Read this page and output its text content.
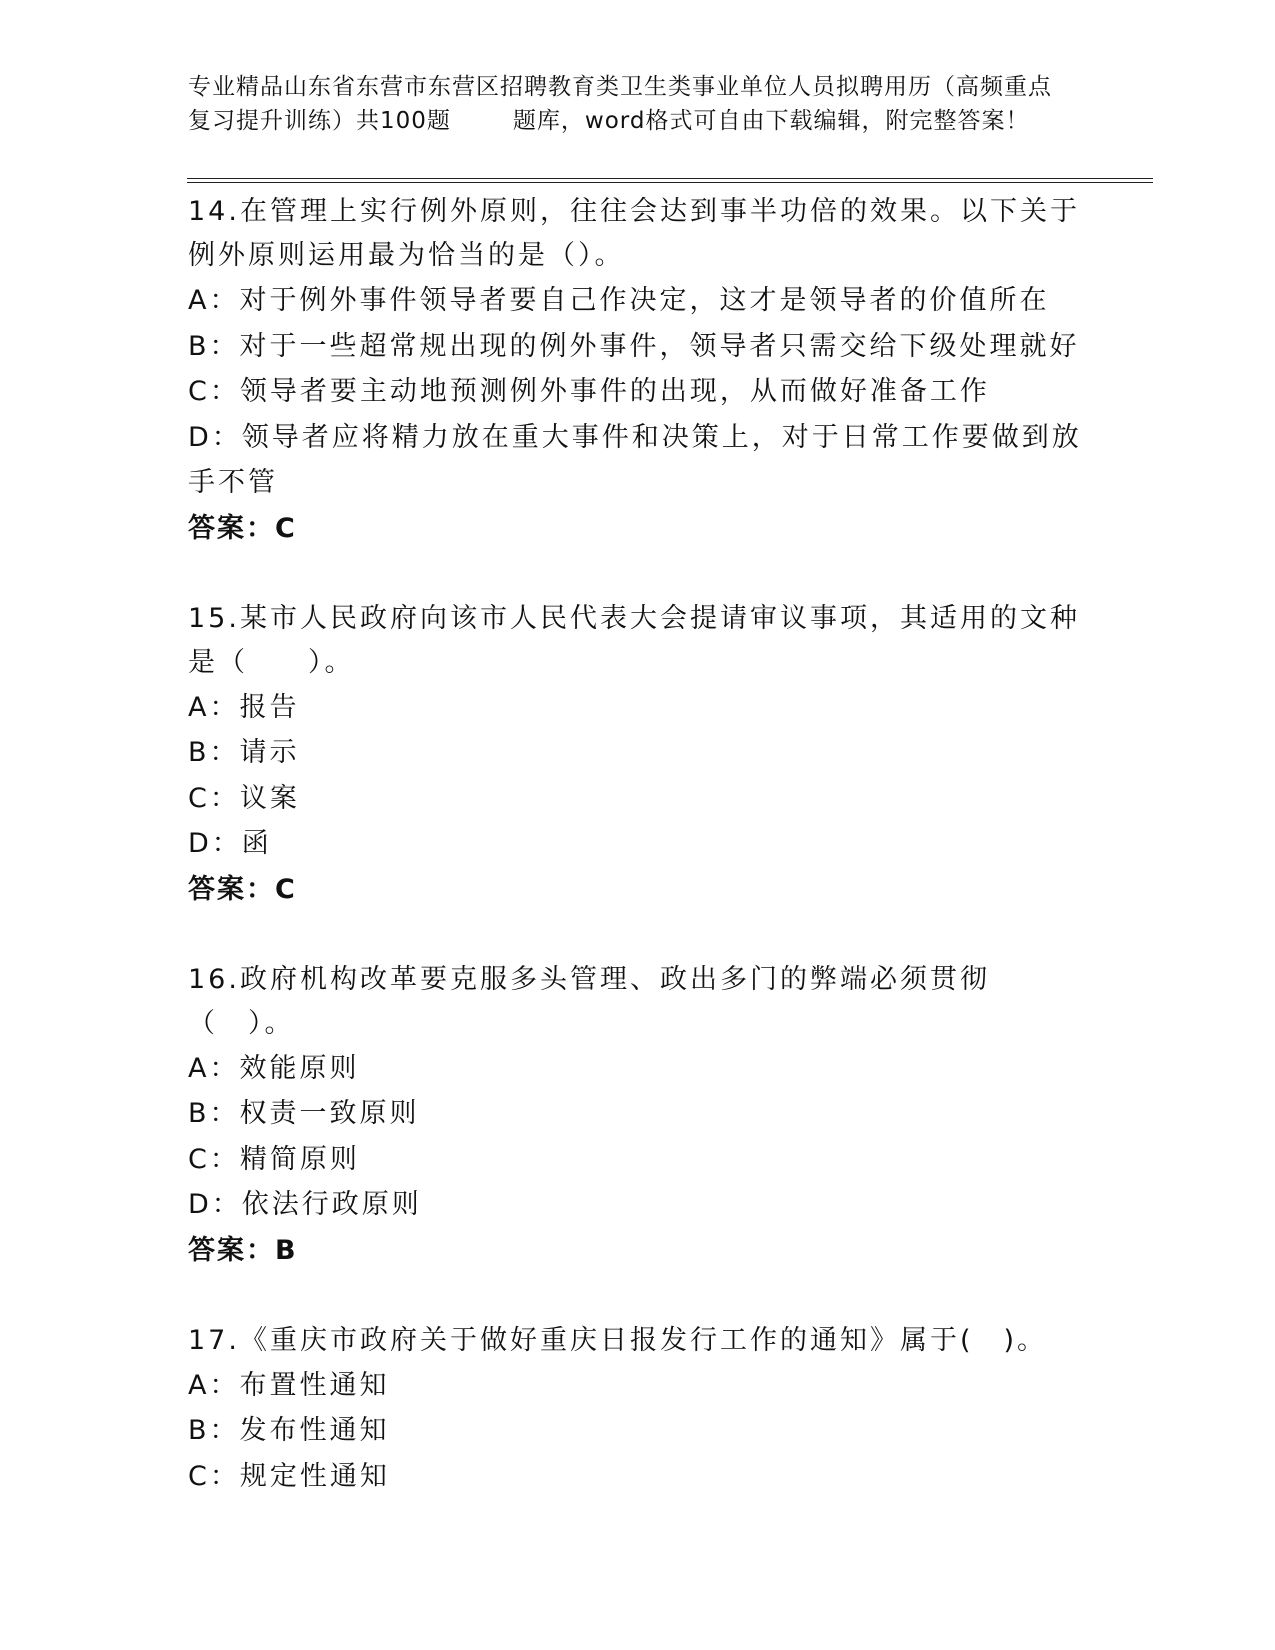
专业精品山东省东营市东营区招聘教育类卫生类事业单位人员拟聘用历（高频重点
复习提升训练）共100题	题库，word格式可自由下载编辑，附完整答案！
14.在管理上实行例外原则，往往会达到事半功倍的效果。以下关于例外原则运用最为恰当的是（）。
A：对于例外事件领导者要自己作决定，这才是领导者的价值所在
B：对于一些超常规出现的例外事件，领导者只需交给下级处理就好
C：领导者要主动地预测例外事件的出现，从而做好准备工作
D：领导者应将精力放在重大事件和决策上，对于日常工作要做到放手不管
答案：C
15.某市人民政府向该市人民代表大会提请审议事项，其适用的文种是（　　）。
A：报告
B：请示
C：议案
D：函
答案：C
16.政府机构改革要克服多头管理、政出多门的弊端必须贯彻（　）。
A：效能原则
B：权责一致原则
C：精简原则
D：依法行政原则
答案：B
17.《重庆市政府关于做好重庆日报发行工作的通知》属于(　)。
A：布置性通知
B：发布性通知
C：规定性通知
